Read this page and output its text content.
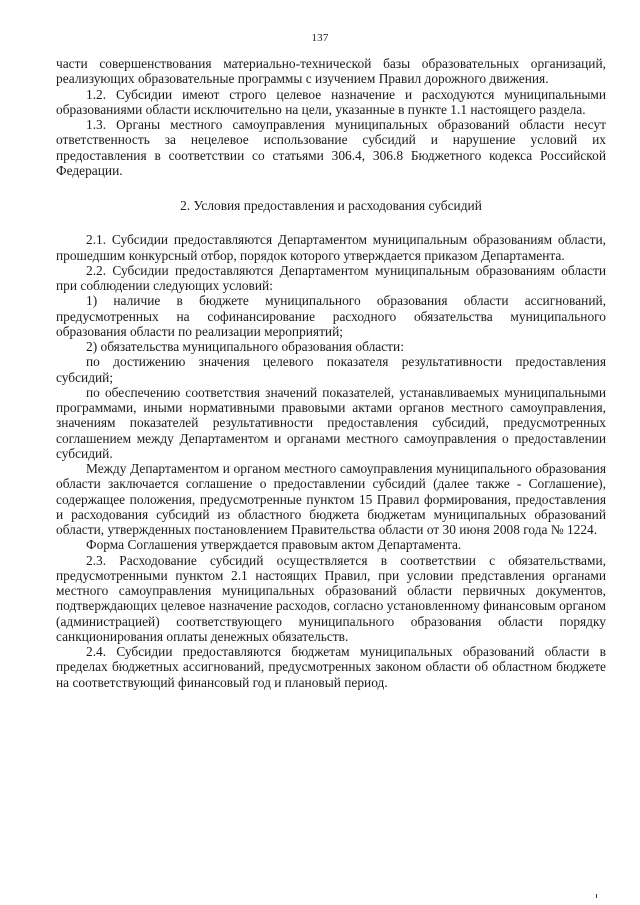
137

части совершенствования материально-технической базы образовательных организаций, реализующих образовательные программы с изучением Правил дорожного движения.

1.2. Субсидии имеют строго целевое назначение и расходуются муниципальными образованиями области исключительно на цели, указанные в пункте 1.1 настоящего раздела.

1.3. Органы местного самоуправления муниципальных образований области несут ответственность за нецелевое использование субсидий и нарушение условий их предоставления в соответствии со статьями 306.4, 306.8 Бюджетного кодекса Российской Федерации.

2. Условия предоставления и расходования субсидий

2.1. Субсидии предоставляются Департаментом муниципальным образованиям области, прошедшим конкурсный отбор, порядок которого утверждается приказом Департамента.

2.2. Субсидии предоставляются Департаментом муниципальным образованиям области при соблюдении следующих условий:

1) наличие в бюджете муниципального образования области ассигнований, предусмотренных на софинансирование расходного обязательства муниципального образования области по реализации мероприятий;

2) обязательства муниципального образования области:

по достижению значения целевого показателя результативности предоставления субсидий;

по обеспечению соответствия значений показателей, устанавливаемых муниципальными программами, иными нормативными правовыми актами органов местного самоуправления, значениям показателей результативности предоставления субсидий, предусмотренных соглашением между Департаментом и органами местного самоуправления о предоставлении субсидий.

Между Департаментом и органом местного самоуправления муниципального образования области заключается соглашение о предоставлении субсидий (далее также - Соглашение), содержащее положения, предусмотренные пунктом 15 Правил формирования, предоставления и расходования субсидий из областного бюджета бюджетам муниципальных образований области, утвержденных постановлением Правительства области от 30 июня 2008 года № 1224.

Форма Соглашения утверждается правовым актом Департамента.

2.3. Расходование субсидий осуществляется в соответствии с обязательствами, предусмотренными пунктом 2.1 настоящих Правил, при условии представления органами местного самоуправления муниципальных образований области первичных документов, подтверждающих целевое назначение расходов, согласно установленному финансовым органом (администрацией) соответствующего муниципального образования области порядку санкционирования оплаты денежных обязательств.

2.4. Субсидии предоставляются бюджетам муниципальных образований области в пределах бюджетных ассигнований, предусмотренных законом области об областном бюджете на соответствующий финансовый год и плановый период.
